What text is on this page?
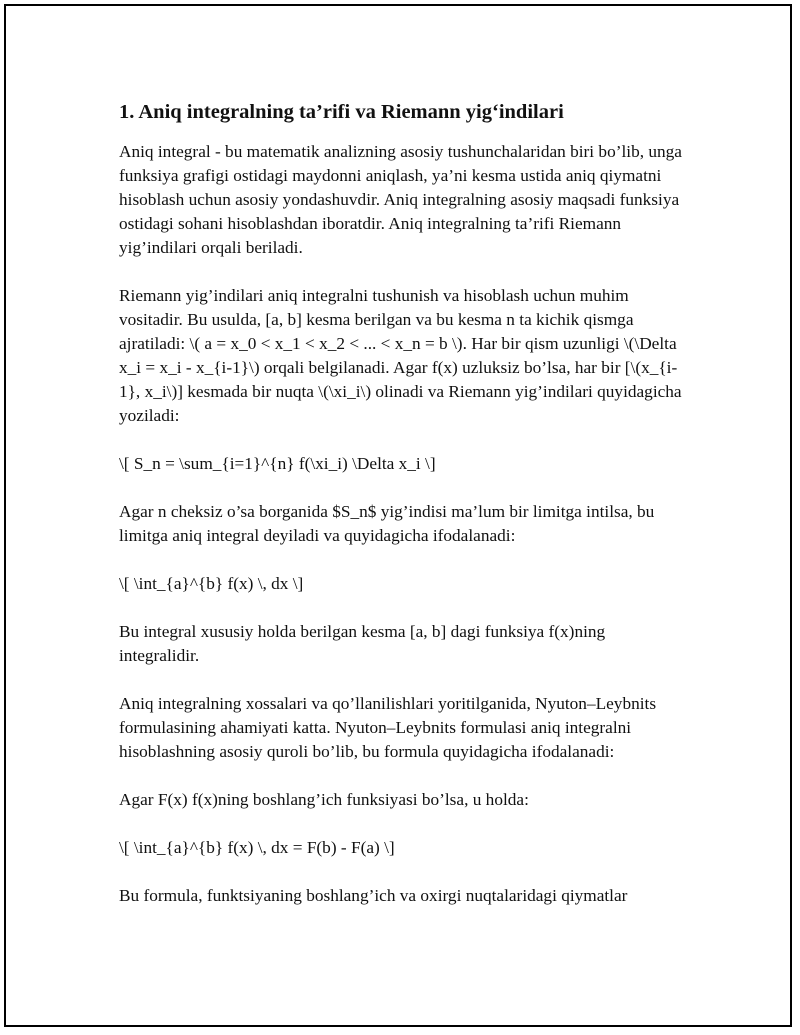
1. Aniq integralning ta’rifi va Riemann yig‘indilari

Aniq integral - bu matematik analizning asosiy tushunchalaridan biri bo’lib, unga funksiya grafigi ostidagi maydonni aniqlash, ya’ni kesma ustida aniq qiymatni hisoblash uchun asosiy yondashuvdir. Aniq integralning asosiy maqsadi funksiya ostidagi sohani hisoblashdan iboratdir. Aniq integralning ta’rifi Riemann yig’indilari orqali beriladi.

Riemann yig’indilari aniq integralni tushunish va hisoblash uchun muhim vositadir. Bu usulda, [a, b] kesma berilgan va bu kesma n ta kichik qismga ajratiladi: \( a = x_0 < x_1 < x_2 < ... < x_n = b \). Har bir qism uzunligi \(\Delta x_i = x_i - x_{i-1}\) orqali belgilanadi. Agar f(x) uzluksiz bo’lsa, har bir [\(x_{i-1}, x_i\)] kesmada bir nuqta \(\xi_i\) olinadi va Riemann yig’indilari quyidagicha yoziladi:

\[ S_n = \sum_{i=1}^{n} f(\xi_i) \Delta x_i \]

Agar n cheksiz o’sa borganida $S_n$ yig’indisi ma’lum bir limitga intilsa, bu limitga aniq integral deyiladi va quyidagicha ifodalanadi:

\[ \int_{a}^{b} f(x) \, dx \]

Bu integral xususiy holda berilgan kesma [a, b] dagi funksiya f(x)ning integralidir.

Aniq integralning xossalari va qo’llanilishlari yoritilganida, Nyuton–Leybnits formulasining ahamiyati katta. Nyuton–Leybnits formulasi aniq integralni hisoblashning asosiy quroli bo’lib, bu formula quyidagicha ifodalanadi:

Agar F(x) f(x)ning boshlang’ich funksiyasi bo’lsa, u holda:

\[ \int_{a}^{b} f(x) \, dx = F(b) - F(a) \]

Bu formula, funktsiyaning boshlang’ich va oxirgi nuqtalaridagi qiymatlar
